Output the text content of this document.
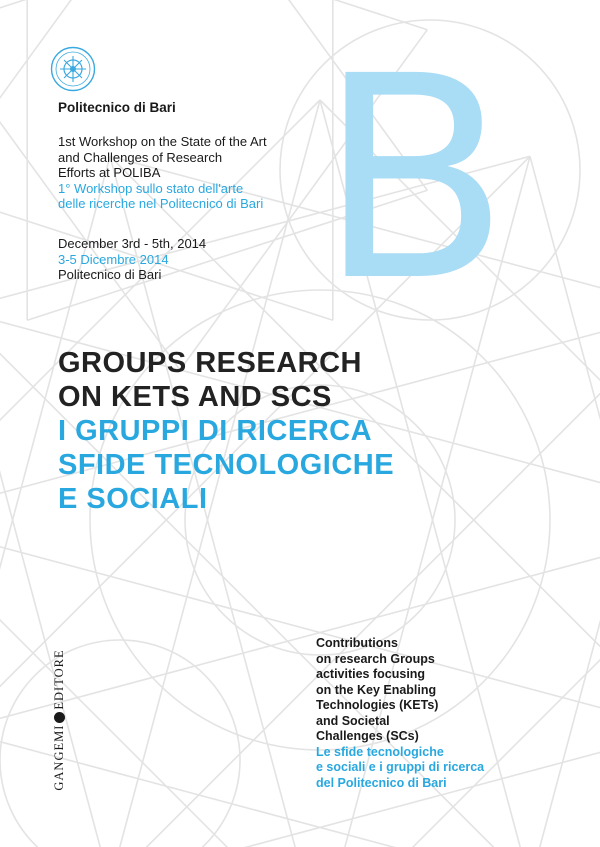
Politecnico di Bari
1st Workshop on the State of the Art
and Challenges of Research
Efforts at POLIBA
1° Workshop sullo stato dell'arte
delle ricerche nel Politecnico di Bari
December 3rd - 5th, 2014
3-5 Dicembre 2014
Politecnico di Bari B
GROUPS RESEARCH
ON KETS AND SCS
I GRUPPI DI RICERCA
SFIDE TECNOLOGICHE
E SOCIALI
GANGEMIEDITORE
Contributions
on research Groups
activities focusing
on the Key Enabling
Technologies (KETs)
and Societal
Challenges (SCs)
Le sfide tecnologiche
e sociali e i gruppi di ricerca
del Politecnico di Bari
